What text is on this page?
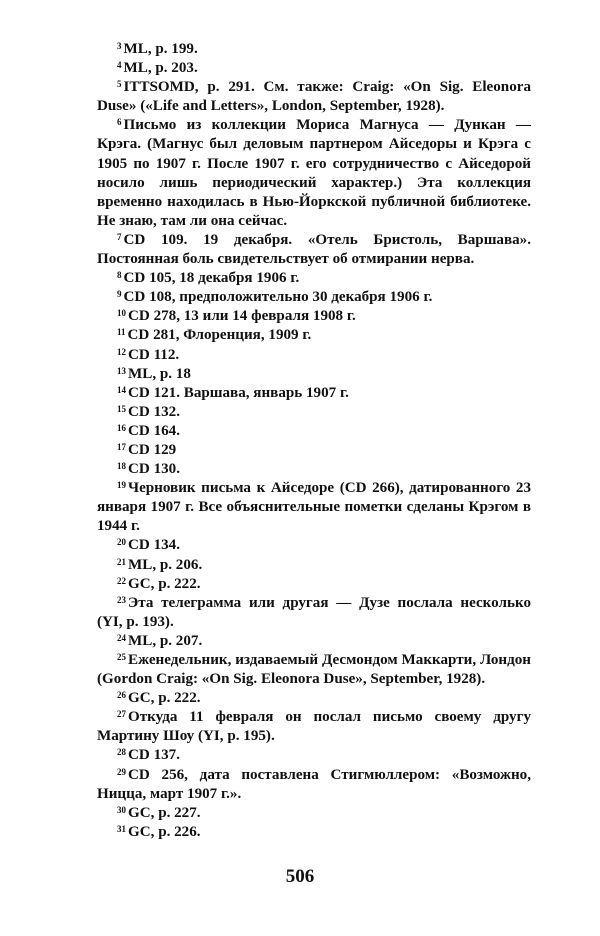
$^3$ ML, p. 199.

$^4$ ML, p. 203.

$^5$ ITTSOMD, p. 291. См. также: Craig: «On Sig. Eleonora Duse» («Life and Letters», London, September, 1928).

$^6$ Письмо из коллекции Мориса Магнуса — Дункан — Крэга. (Магнус был деловым партнером Айседоры и Крэга с 1905 по 1907 г. После 1907 г. его сотрудничество с Айседорой носило лишь периодический характер.) Эта коллекция временно находилась в Нью-Йоркской публичной библиотеке. Не знаю, там ли она сейчас.

$^7$ CD 109. 19 декабря. «Отель Бристоль, Варшава». Постоянная боль свидетельствует об отмирании нерва.

$^8$ CD 105, 18 декабря 1906 г.

$^9$ CD 108, предположительно 30 декабря 1906 г.

$^{10}$ CD 278, 13 или 14 февраля 1908 г.

$^{11}$ CD 281, Флоренция, 1909 г.

$^{12}$ CD 112.

$^{13}$ ML, p. 18

$^{14}$ CD 121. Варшава, январь 1907 г.

$^{15}$ CD 132.

$^{16}$ CD 164.

$^{17}$ CD 129

$^{18}$ CD 130.

$^{19}$ Черновик письма к Айседоре (CD 266), датированного 23 января 1907 г. Все объяснительные пометки сделаны Крэгом в 1944 г.

$^{20}$ CD 134.

$^{21}$ ML, p. 206.

$^{22}$ GC, p. 222.

$^{23}$ Эта телеграмма или другая — Дузе послала несколько (YI, p. 193).

$^{24}$ ML, p. 207.

$^{25}$ Еженедельник, издаваемый Десмондом Маккарти, Лондон (Gordon Craig: «On Sig. Eleonora Duse», September, 1928).

$^{26}$ GC, p. 222.

$^{27}$ Откуда 11 февраля он послал письмо своему другу Мартину Шоу (YI, p. 195).

$^{28}$ CD 137.

$^{29}$ CD 256, дата поставлена Стигмюллером: «Возможно, Ницца, март 1907 г.».

$^{30}$ GC, p. 227.

$^{31}$ GC, p. 226.

506
